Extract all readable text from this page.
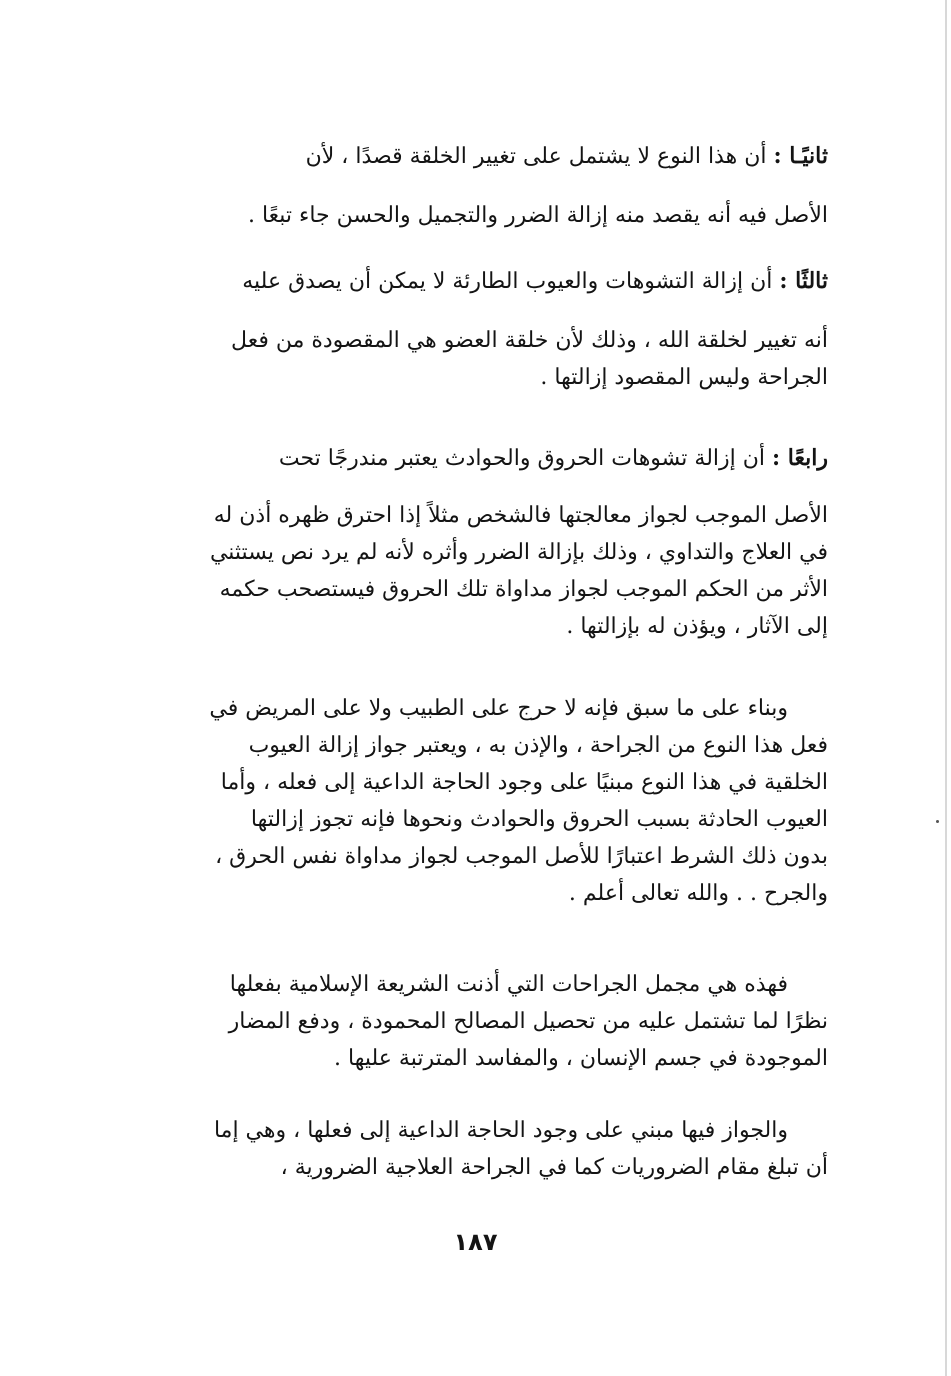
ثانيًـا : أن هذا النوع لا يشتمل على تغيير الخلقة قصدًا ، لأن
الأصل فيه أنه يقصد منه إزالة الضرر والتجميل والحسن جاء تبعًا .
ثالثًا : أن إزالة التشوهات والعيوب الطارئة لا يمكن أن يصدق عليه
أنه تغيير لخلقة الله ، وذلك لأن خلقة العضو هي المقصودة من فعل
الجراحة وليس المقصود إزالتها .
رابعًا : أن إزالة تشوهات الحروق والحوادث يعتبر مندرجًا تحت
الأصل الموجب لجواز معالجتها فالشخص مثلاً إذا احترق ظهره أذن له
في العلاج والتداوي ، وذلك بإزالة الضرر وأثره لأنه لم يرد نص يستثني
الأثر من الحكم الموجب لجواز مداواة تلك الحروق فيستصحب حكمه
إلى الآثار ، ويؤذن له بإزالتها .
وبناء على ما سبق فإنه لا حرج على الطبيب ولا على المريض في
فعل هذا النوع من الجراحة ، والإذن به ، ويعتبر جواز إزالة العيوب
الخلقية في هذا النوع مبنيًا على وجود الحاجة الداعية إلى فعله ، وأما
العيوب الحادثة بسبب الحروق والحوادث ونحوها فإنه تجوز إزالتها
بدون ذلك الشرط اعتبارًا للأصل الموجب لجواز مداواة نفس الحرق ،
والجرح . . والله تعالى أعلم .
فهذه هي مجمل الجراحات التي أذنت الشريعة الإسلامية بفعلها
نظرًا لما تشتمل عليه من تحصيل المصالح المحمودة ، ودفع المضار
الموجودة في جسم الإنسان ، والمفاسد المترتبة عليها .
والجواز فيها مبني على وجود الحاجة الداعية إلى فعلها ، وهي إما
أن تبلغ مقام الضروريات كما في الجراحة العلاجية الضرورية ،
١٨٧
